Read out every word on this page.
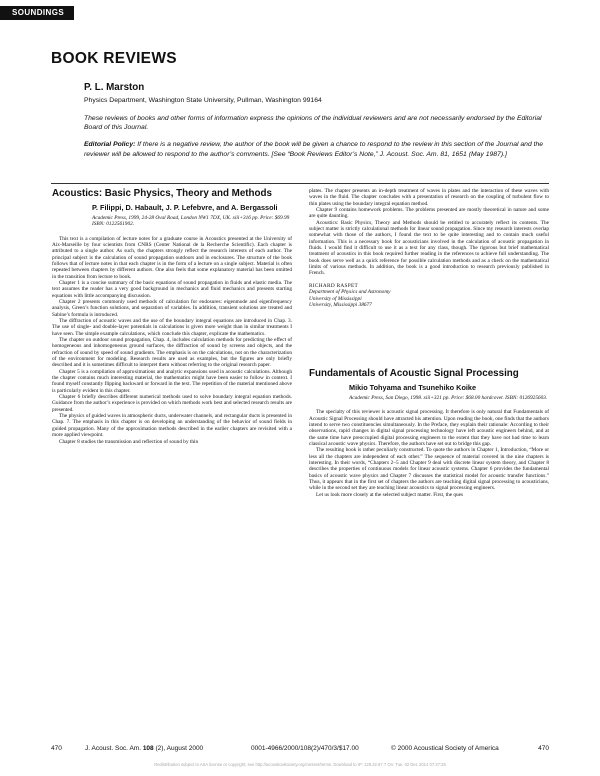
SOUNDINGS
BOOK REVIEWS

P. L. Marston

Physics Department, Washington State University, Pullman, Washington 99164

These reviews of books and other forms of information express the opinions of the individual reviewers and are not necessarily endorsed by the Editorial Board of this Journal.

Editorial Policy: If there is a negative review, the author of the book will be given a chance to respond to the review in this section of the Journal and the reviewer will be allowed to respond to the author’s comments. [See “Book Reviews Editor’s Note,” J. Acoust. Soc. Am. 81, 1651 (May 1987).]

Acoustics: Basic Physics, Theory and Methods

P. Filippi, D. Habault, J. P. Lefebvre, and A. Bergassoli

Academic Press, 1999, 24-28 Oval Road, London NW1 7DX, UK. xiii+316 pp. Price: $69.99 ISBN: 0122561902.

This text is a compilation of lecture notes for a graduate course in Acoustics presented at the University of Aix-Marseille by four scientists from CNRS (Center National de la Recherche Scientific). Each chapter is attributed to a single author. As such, the chapters strongly reflect the research interests of each author. The principal subject is the calculation of sound propagation outdoors and in enclosures. The structure of the book follows that of lecture notes in that each chapter is in the form of a lecture on a single subject. Material is often repeated between chapters by different authors. One also feels that some explanatory material has been omitted in the transition from lecture to book.

Chapter 1 is a concise summary of the basic equations of sound propagation in fluids and elastic media. The text assumes the reader has a very good background in mechanics and fluid mechanics and presents starting equations with little accompanying discussion.

Chapter 2 presents commonly used methods of calculation for endosures: eigenmode and eigenfrequency analysis, Green’s function solutions, and separation of variables. In addition, transient solutions are treated and Sabine’s formula is introduced.

The diffraction of acoustic waves and the use of the boundary integral equations are introduced in Chap. 3. The use of single- and double-layer potentials in calculations is given more weight than in similar treatments I have seen. The simple example calculations, which conclude this chapter, explicate the mathematics.

The chapter on outdoor sound propagation, Chap. 4, includes calculation methods for predicting the effect of homogeneous and inhomogeneous ground surfaces, the diffraction of sound by screens and objects, and the refraction of sound by speed of sound gradients. The emphasis is on the calculations, not on the characterization of the environment for modeling. Research results are used as examples, but the figures are only briefly described and it is sometimes difficult to interpret them without referring to the original research paper.

Chapter 5 is a compilation of approximations and analytic expansions used in acoustic calculations. Although the chapter contains much interesting material, the mathematics might have been easier to follow in context. I found myself constantly flipping backward or forward in the text. The repetition of the material mentioned above is particularly evident in this chapter.

Chapter 6 briefly describes different numerical methods used to solve boundary integral equation methods. Guidance from the author’s experience is provided on which methods work best and selected research results are presented.

The physics of guided waves in atmospheric ducts, underwater channels, and rectangular ducts is presented in Chap. 7. The emphasis in this chapter is on developing an understanding of the behavior of sound fields in guided propagation. Many of the approximation methods described in the earlier chapters are revisited with a more applied viewpoint.

Chapter 8 studies the transmission and reflection of sound by thin

plates. The chapter presents an in-depth treatment of waves in plates and the interaction of these waves with waves in the fluid. The chapter concludes with a presentation of research on the coupling of turbulent flow to thin plates using the boundary integral equation method.

Chapter 9 contains homework problems. The problems presented are mostly theoretical in nature and some are quite daunting.

Acoustics: Basic Physics, Theory and Methods should be retitled to accurately reflect its contents. The subject matter is strictly calculational methods for linear sound propagation. Since my research interests overlap somewhat with those of the authors, I found the text to be quite interesting and to contain much useful information. This is a necessary book for acousticians involved in the calculation of acoustic propagation in fluids. I would find it difficult to use it as a text for any class, though. The rigorous but brief mathematical treatment of acoustics in this book required further reading in the references to achieve full understanding. The book does serve well as a quick reference for possible calculation methods and as a check on the mathematical limits of various methods. In addition, the book is a good introduction to research previously published in French.

RICHARD RASPET

Department of Physics and Astronomy

University of Mississippi

University, Mississippi 38677

Fundamentals of Acoustic Signal Processing

Mikio Tohyama and Tsunehiko Koike

Academic Press, San Diego, 1998. xiii+321 pp. Price: $68.00 hardcover. ISBN: 0126925603.

The specialty of this reviewer is acoustic signal processing. It therefore is only natural that Fundamentals of Acoustic Signal Processing should have attracted his attention. Upon reading the book, one finds that the authors intend to serve two constituencies simultaneously. In the Preface, they explain their rationale: According to their observations, rapid changes in digital signal processing technology have left acoustic engineers behind, and at the same time have preoccupied digital processing engineers to the extent that they have not had time to learn classical acoustic wave physics. Therefore, the authors have set out to bridge this gap.

The resulting book is rather peculiarly constructed. To quote the authors in Chapter 1, Introduction, “More or less all the chapters are independent of each other.” The sequence of material covered in the nine chapters is interesting. In their words, “Chapters 2–5 and Chapter 9 deal with discrete linear system theory, and Chapter 8 describes the properties of continuous models for linear acoustic systems. Chapter 6 provides the fundamental basics of acoustic wave physics and Chapter 7 discusses the statistical model for acoustic transfer functions.” Thus, it appears that in the first set of chapters the authors are teaching digital signal processing to acousticians, while in the second set they are teaching linear acoustics to signal processing engineers.

Let us look more closely at the selected subject matter. First, the ques

470	J. Acoust. Soc. Am. 108 (2), August 2000	0001-4966/2000/108(2)/470/3/$17.00	© 2000 Acoustical Society of America	470
Redistribution subject to ASA license or copyright; see http://acousticalsociety.org/content/terms. Download to IP: 129.22.67.7 On: Tue, 02 Dec 2014 07:27:25
